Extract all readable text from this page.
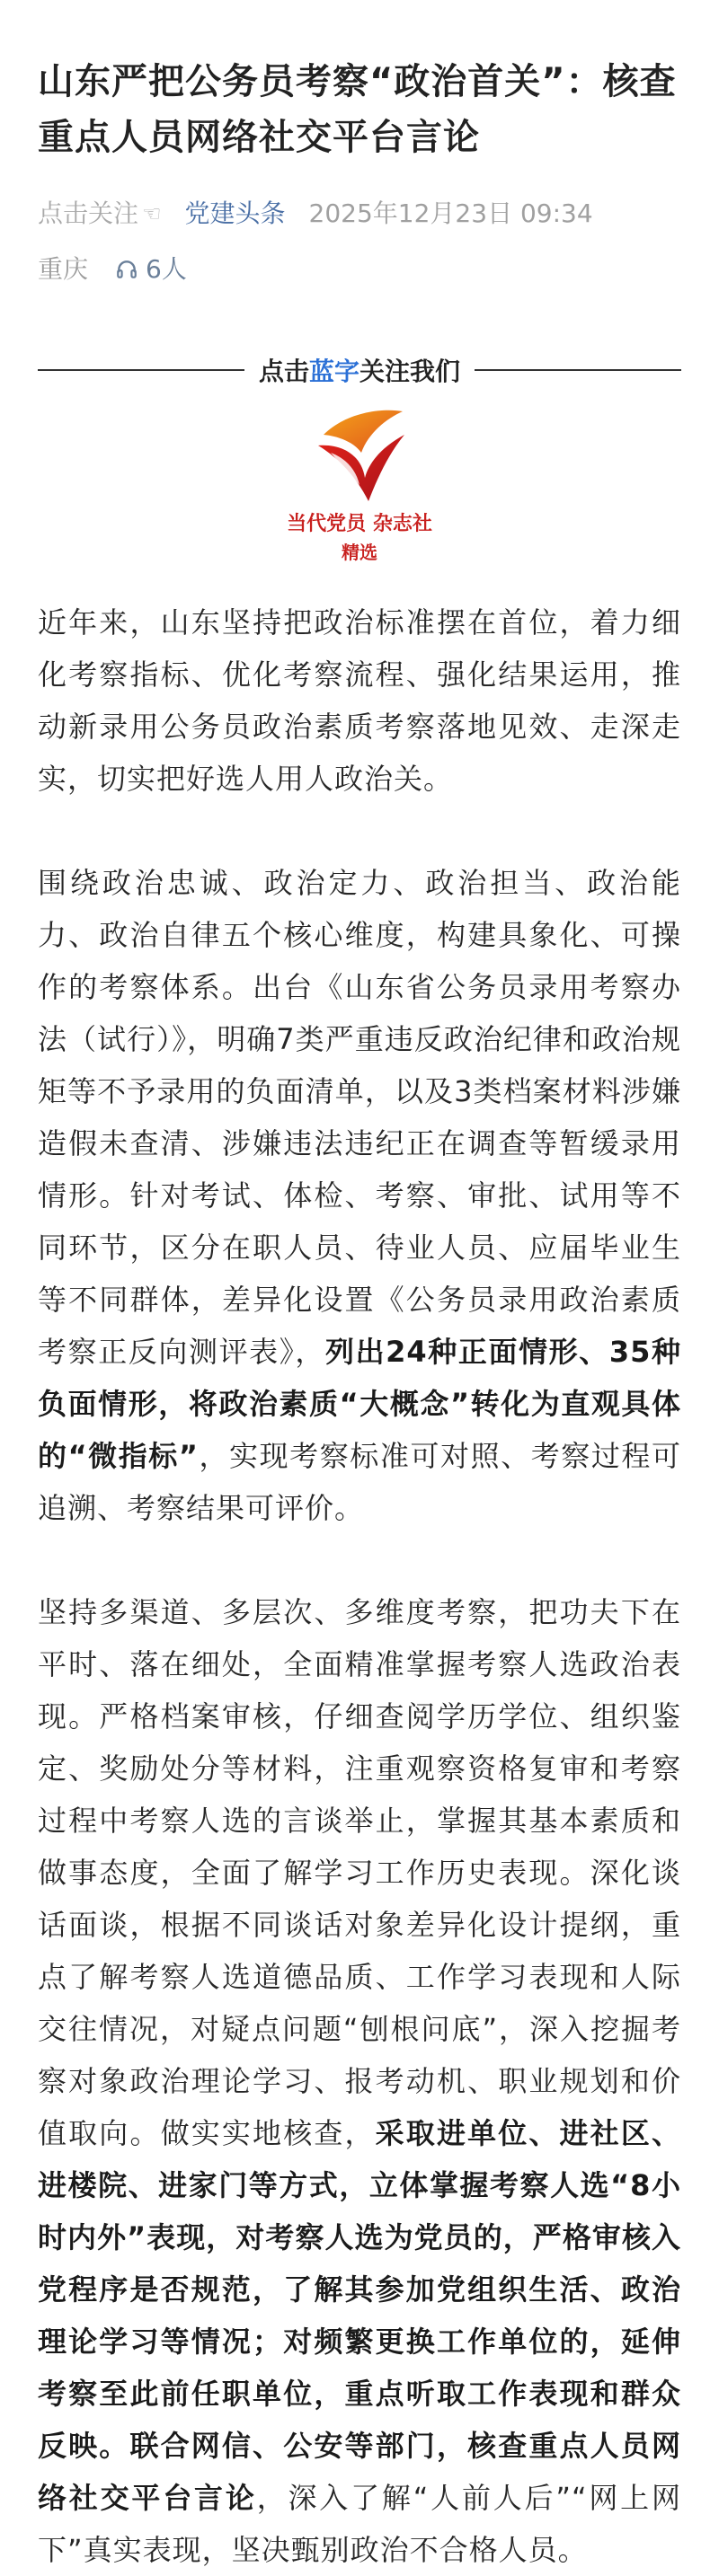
山东严把公务员考察“政治首关”：核查重点人员网络社交平台言论
点击关注 ☜ 党建头条 2025年12月23日 09:34
重庆 6人
点击蓝字关注我们
当代党员 杂志社
精选

近年来，山东坚持把政治标准摆在首位，着力细化考察指标、优化考察流程、强化结果运用，推动新录用公务员政治素质考察落地见效、走深走实，切实把好选人用人政治关。

围绕政治忠诚、政治定力、政治担当、政治能力、政治自律五个核心维度，构建具象化、可操作的考察体系。出台《山东省公务员录用考察办法（试行）》，明确7类严重违反政治纪律和政治规矩等不予录用的负面清单，以及3类档案材料涉嫌造假未查清、涉嫌违法违纪正在调查等暂缓录用情形。针对考试、体检、考察、审批、试用等不同环节，区分在职人员、待业人员、应届毕业生等不同群体，差异化设置《公务员录用政治素质考察正反向测评表》，列出24种正面情形、35种负面情形，将政治素质“大概念”转化为直观具体的“微指标”，实现考察标准可对照、考察过程可追溯、考察结果可评价。

坚持多渠道、多层次、多维度考察，把功夫下在平时、落在细处，全面精准掌握考察人选政治表现。严格档案审核，仔细查阅学历学位、组织鉴定、奖励处分等材料，注重观察资格复审和考察过程中考察人选的言谈举止，掌握其基本素质和做事态度，全面了解学习工作历史表现。深化谈话面谈，根据不同谈话对象差异化设计提纲，重点了解考察人选道德品质、工作学习表现和人际交往情况，对疑点问题“刨根问底”，深入挖掘考察对象政治理论学习、报考动机、职业规划和价值取向。做实实地核查，采取进单位、进社区、进楼院、进家门等方式，立体掌握考察人选“8小时内外”表现，对考察人选为党员的，严格审核入党程序是否规范，了解其参加党组织生活、政治理论学习等情况；对频繁更换工作单位的，延伸考察至此前任职单位，重点听取工作表现和群众反映。联合网信、公安等部门，核查重点人员网络社交平台言论，深入了解“人前人后”“网上网下”真实表现，坚决甄别政治不合格人员。
